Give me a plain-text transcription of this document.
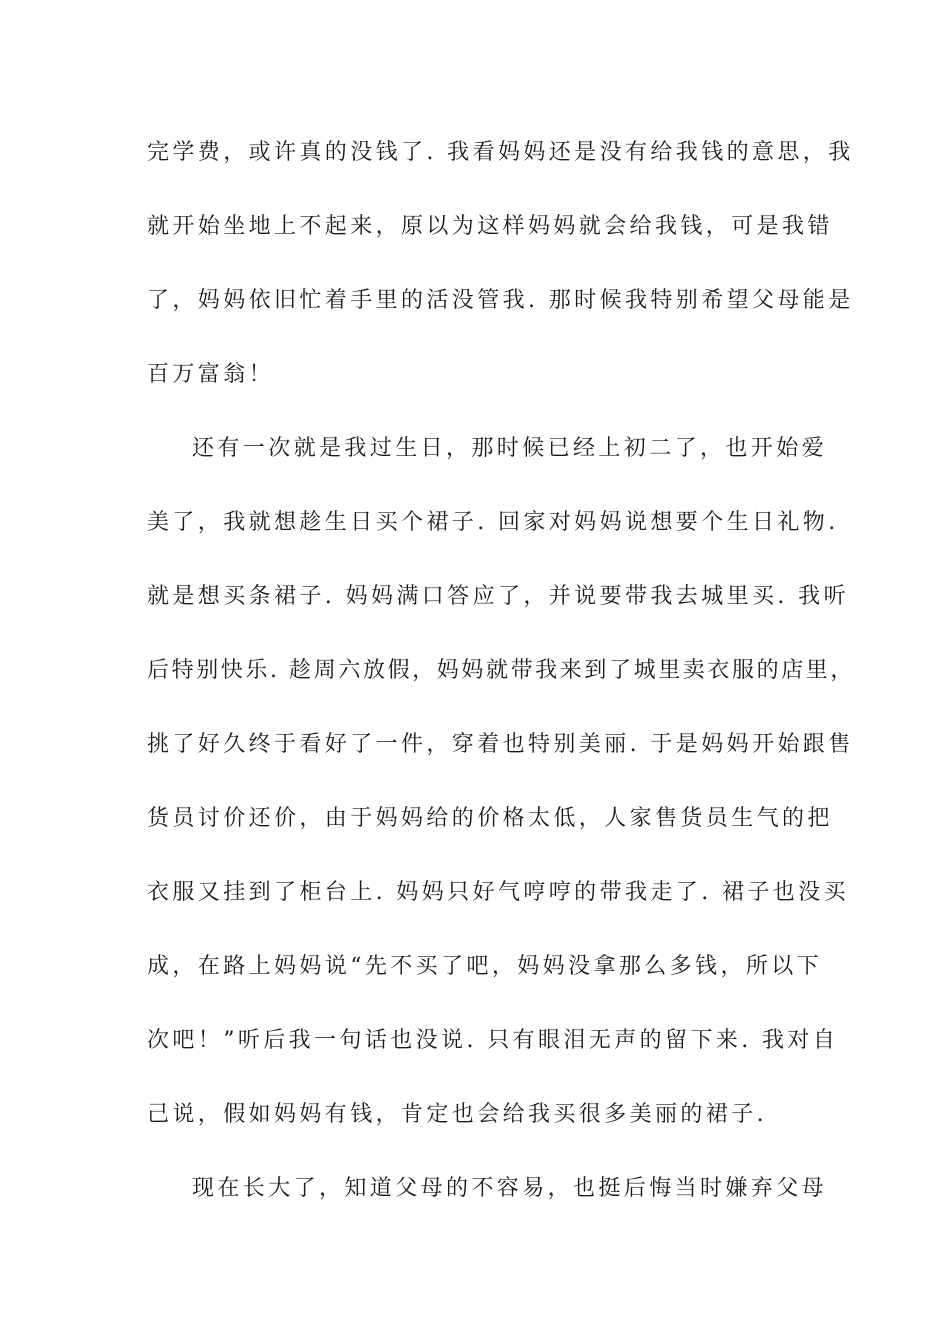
完学费，或许真的没钱了. 我看妈妈还是没有给我钱的意思，我

就开始坐地上不起来，原以为这样妈妈就会给我钱，可是我错

了，妈妈依旧忙着手里的活没管我. 那时候我特别希望父母能是

百万富翁！

还有一次就是我过生日，那时候已经上初二了，也开始爱

美了，我就想趁生日买个裙子. 回家对妈妈说想要个生日礼物.

就是想买条裙子. 妈妈满口答应了，并说要带我去城里买. 我听

后特别快乐. 趁周六放假，妈妈就带我来到了城里卖衣服的店里，

挑了好久终于看好了一件，穿着也特别美丽. 于是妈妈开始跟售

货员讨价还价，由于妈妈给的价格太低，人家售货员生气的把

衣服又挂到了柜台上. 妈妈只好气哼哼的带我走了. 裙子也没买

成，在路上妈妈说“先不买了吧，妈妈没拿那么多钱，所以下

次吧！”听后我一句话也没说. 只有眼泪无声的留下来. 我对自

己说，假如妈妈有钱，肯定也会给我买很多美丽的裙子.

现在长大了，知道父母的不容易，也挺后悔当时嫌弃父母
